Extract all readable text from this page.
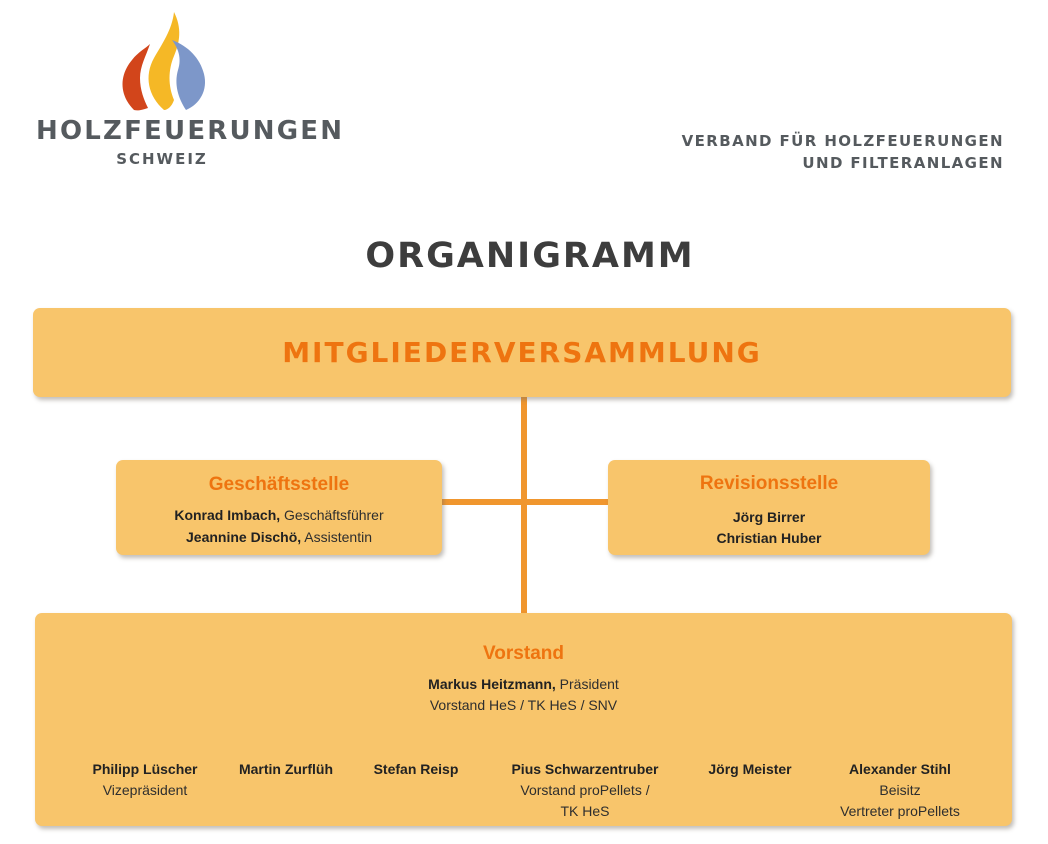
HOLZFEUERUNGEN
SCHWEIZ
VERBAND FÜR HOLZFEUERUNGEN
UND FILTERANLAGEN
ORGANIGRAMM
MITGLIEDERVERSAMMLUNG
Geschäftsstelle
Konrad Imbach, Geschäftsführer
Jeannine Dischö, Assistentin
Revisionsstelle
Jörg Birrer
Christian Huber
Vorstand
Markus Heitzmann, Präsident
Vorstand HeS / TK HeS / SNV
Philipp Lüscher
Vizepräsident
Martin Zurflüh	Stefan Reisp	Pius Schwarzentruber
Vorstand proPellets /
TK HeS
Jörg Meister	Alexander Stihl
Beisitz
Vertreter proPellets
